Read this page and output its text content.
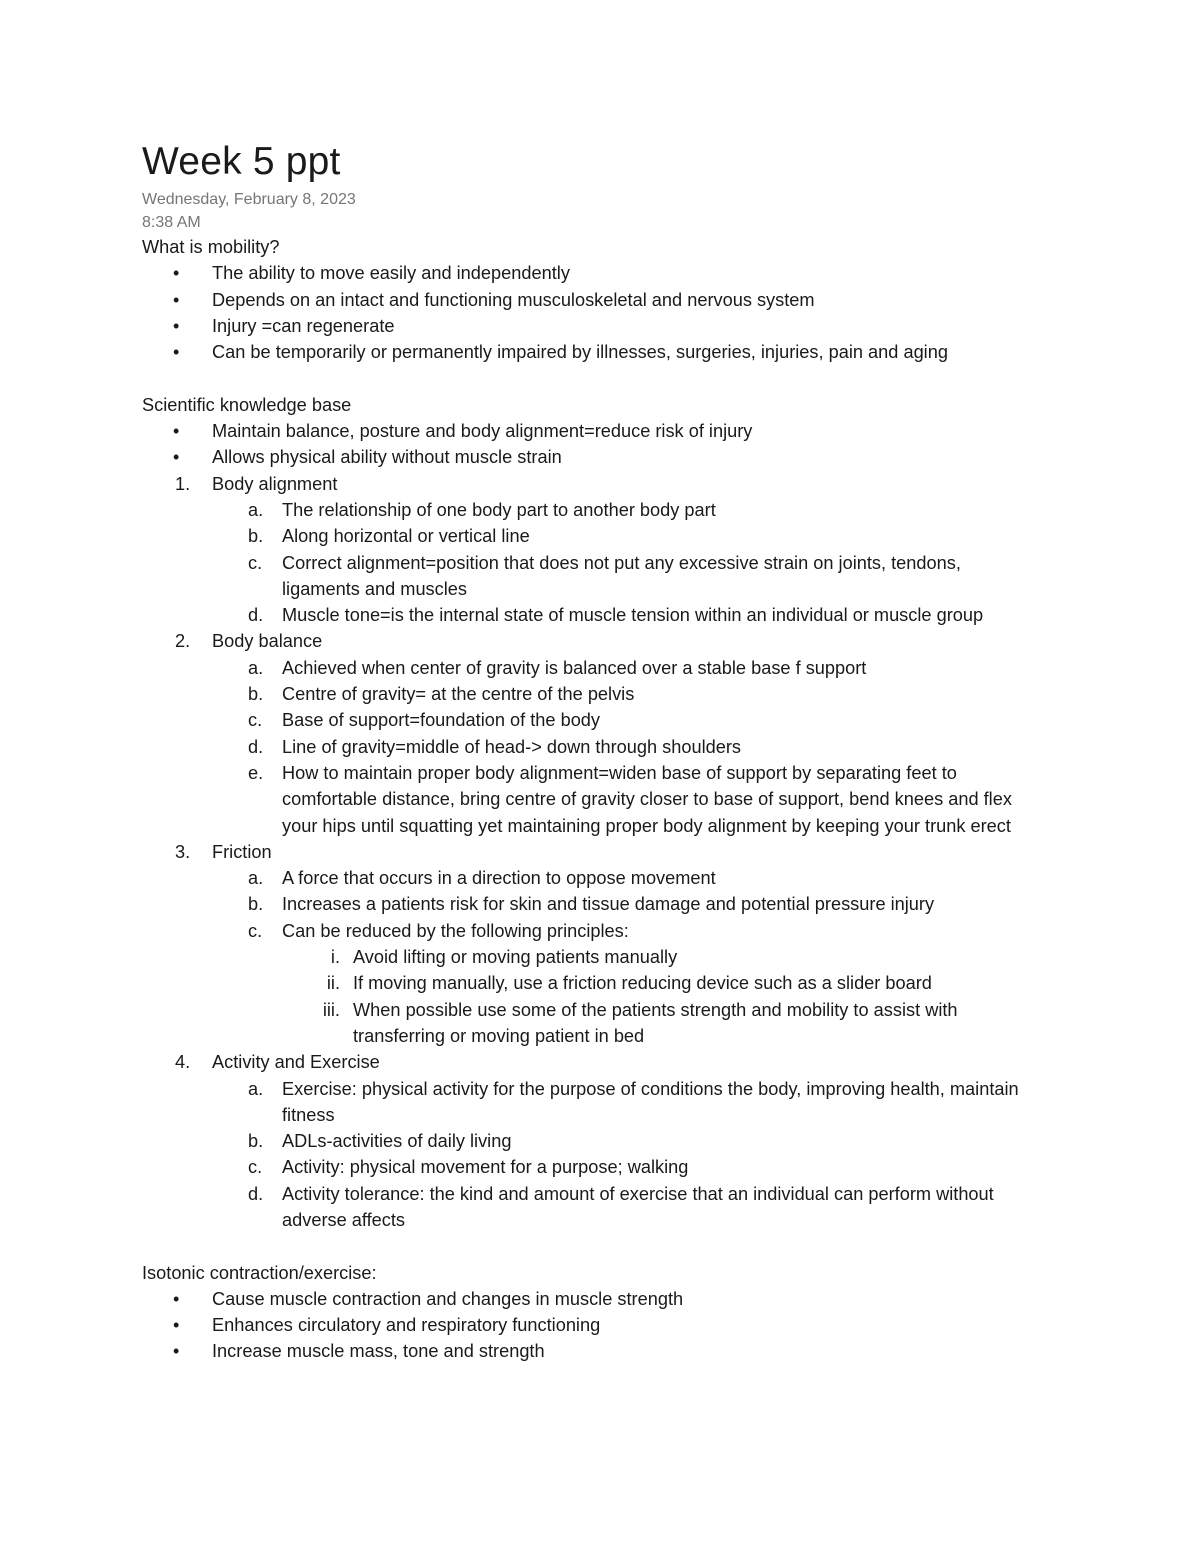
Week 5 ppt
Wednesday, February 8, 2023
8:38 AM
What is mobility?
• The ability to move easily and independently
• Depends on an intact and functioning musculoskeletal and nervous system
• Injury =can regenerate
• Can be temporarily or permanently impaired by illnesses, surgeries, injuries, pain and aging
Scientific knowledge base
• Maintain balance, posture and body alignment=reduce risk of injury
• Allows physical ability without muscle strain
1.	Body alignment
a.	The relationship of one body part to another body part
b.	Along horizontal or vertical line
c.	Correct alignment=position that does not put any excessive strain on joints, tendons, ligaments and muscles
d.	Muscle tone=is the internal state of muscle tension within an individual or muscle group
2.	Body balance
a.	Achieved when center of gravity is balanced over a stable base f support
b.	Centre of gravity= at the centre of the pelvis
c.	Base of support=foundation of the body
d.	Line of gravity=middle of head-> down through shoulders
e.	How to maintain proper body alignment=widen base of support by separating feet to comfortable distance, bring centre of gravity closer to base of support, bend knees and flex your hips until squatting yet maintaining proper body alignment by keeping your trunk erect
3.	Friction
a.	A force that occurs in a direction to oppose movement
b.	Increases a patients risk for skin and tissue damage and potential pressure injury
c.	Can be reduced by the following principles:
i. Avoid lifting or moving patients manually
ii. If moving manually, use a friction reducing device such as a slider board
iii. When possible use some of the patients strength and mobility to assist with transferring or moving patient in bed
4.	Activity and Exercise
a.	Exercise: physical activity for the purpose of conditions the body, improving health, maintain fitness
b.	ADLs-activities of daily living
c.	Activity: physical movement for a purpose; walking
d.	Activity tolerance: the kind and amount of exercise that an individual can perform without adverse affects
Isotonic contraction/exercise:
• Cause muscle contraction and changes in muscle strength
• Enhances circulatory and respiratory functioning
• Increase muscle mass, tone and strength
